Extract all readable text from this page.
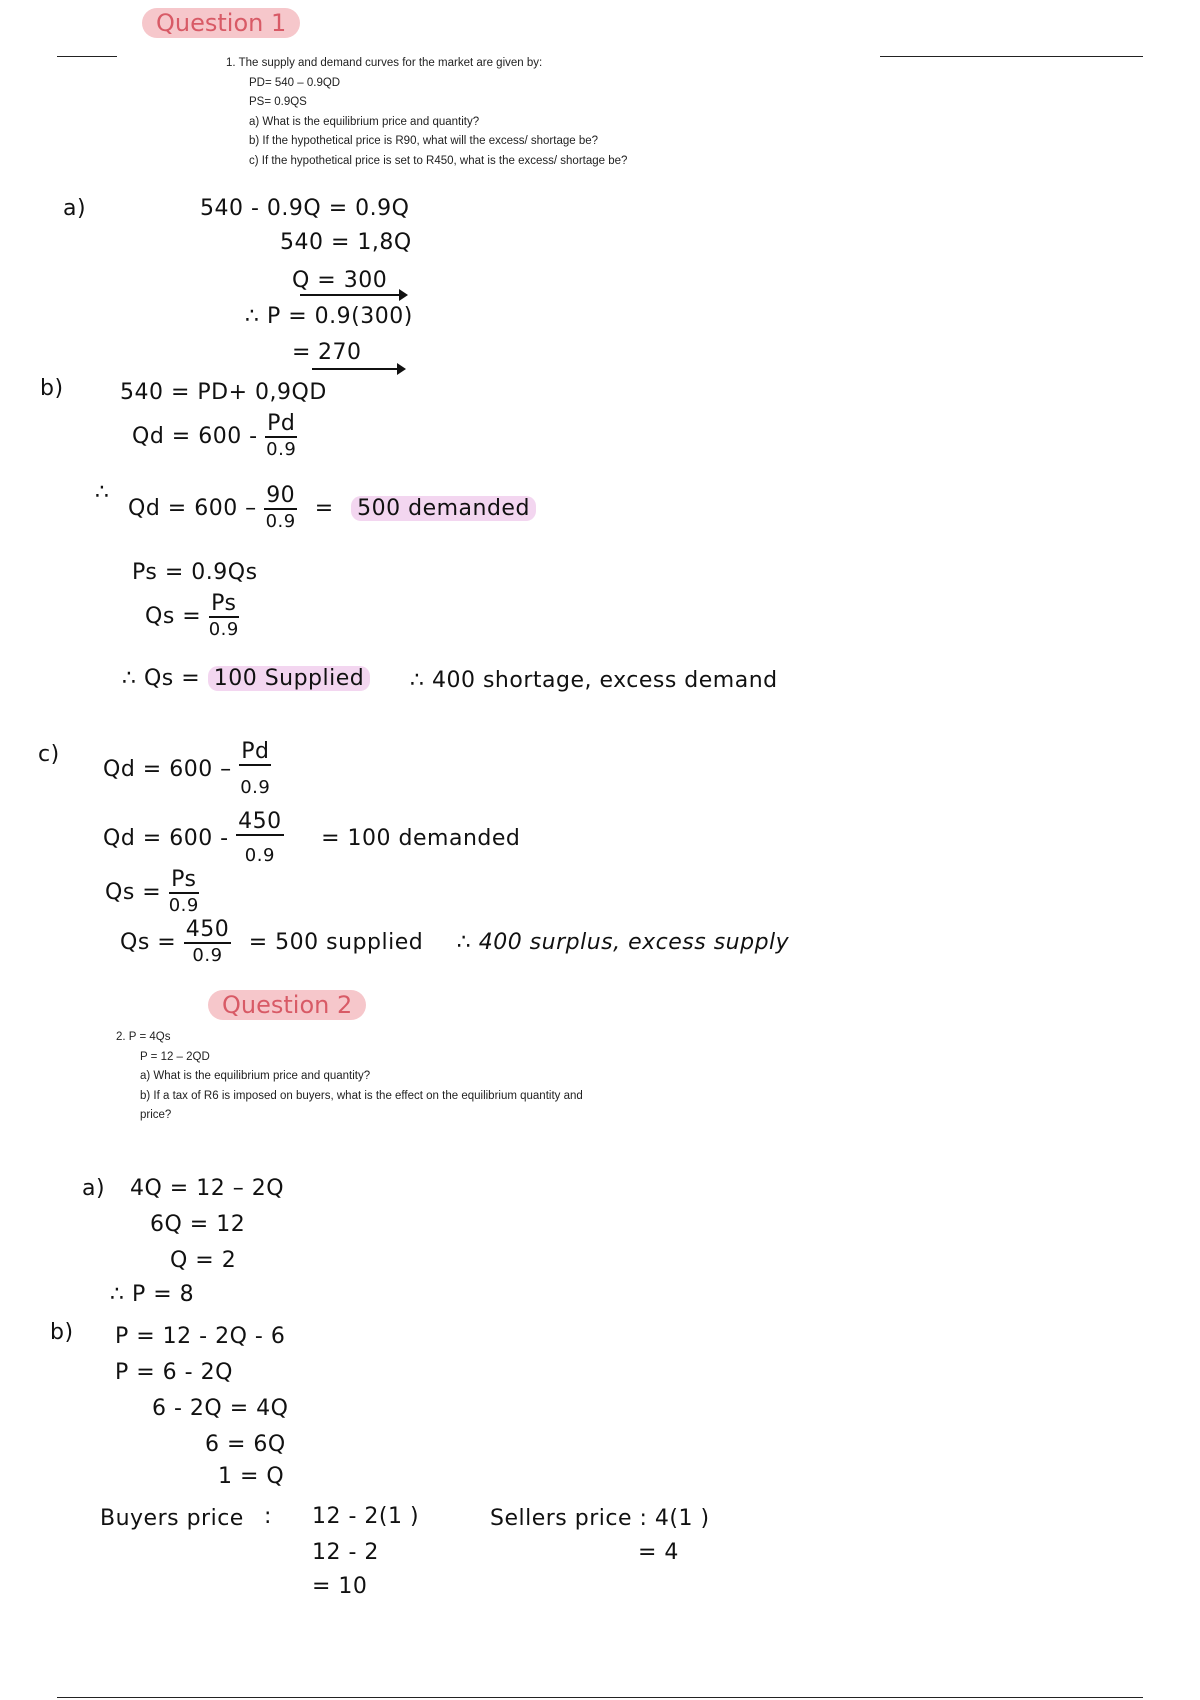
Question 1
1. The supply and demand curves for the market are given by:
PD= 540 – 0.9QD
PS= 0.9QS
a) What is the equilibrium price and quantity?
b) If the hypothetical price is R90, what will the excess/ shortage be?
c) If the hypothetical price is set to R450, what is the excess/ shortage be?
a)	540 - 0.9Q = 0.9Q
540 = 1,8Q
Q = 300
∴ P = 0.9(300)
= 270
b)	540 = PD+ 0,9QD
$Qd = 600 - \frac{Pd}{0.9}$
∴
$Qd = 600 - \frac{90}{0.9} = 500$ demanded
Ps = 0.9Qs
$Qs = \frac{Ps}{0.9}$
∴ Qs = 100 Supplied ∴ 400 shortage, excess demand
c)
$Qd = 600 - \frac{Pd}{0.9}$
$Qd = 600 - \frac{450}{0.9} = 100$ demanded
$Qs = \frac{Ps}{0.9}$
$Qs = \frac{450}{0.9} = 500$ supplied ∴ 400 surplus, excess supply
Question 2
2. P = 4Qs
P = 12 – 2QD
a) What is the equilibrium price and quantity?
b) If a tax of R6 is imposed on buyers, what is the effect on the equilibrium quantity and
price?
a) 4Q = 12 – 2Q
6Q = 12
Q = 2
∴ P = 8
b) P = 12 - 2Q - 6
P = 6 - 2Q
6 - 2Q = 4Q
6 = 6Q
1 = Q
Buyers price : 12 - 2(1 )
12 - 2
= 10
Sellers price : 4(1 )
= 4
